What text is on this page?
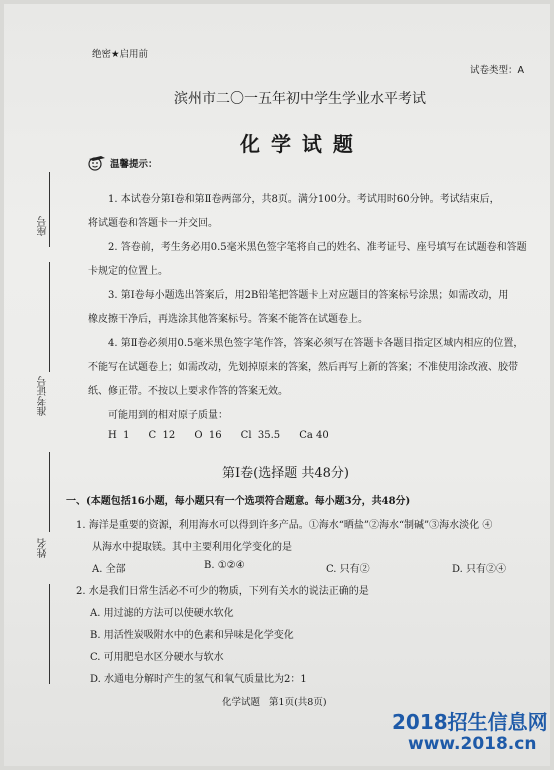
座号
准考证号
姓名
绝密★启用前
试卷类型：A
滨州市二〇一五年初中学生学业水平考试
化 学 试 题
温馨提示：
1. 本试卷分第Ⅰ卷和第Ⅱ卷两部分，共8页。满分100分。考试用时60分钟。考试结束后，
将试题卷和答题卡一并交回。
2. 答卷前，考生务必用0.5毫米黑色签字笔将自己的姓名、准考证号、座号填写在试题卷和答题
卡规定的位置上。
3. 第Ⅰ卷每小题选出答案后，用2B铅笔把答题卡上对应题目的答案标号涂黑；如需改动，用
橡皮擦干净后，再选涂其他答案标号。答案不能答在试题卷上。
4. 第Ⅱ卷必须用0.5毫米黑色签字笔作答，答案必须写在答题卡各题目指定区域内相应的位置，
不能写在试题卷上；如需改动，先划掉原来的答案，然后再写上新的答案；不准使用涂改液、胶带
纸、修正带。不按以上要求作答的答案无效。
可能用到的相对原子质量：
H  1      C  12      O  16      Cl  35.5      Ca 40
第Ⅰ卷(选择题 共48分)
一、(本题包括16小题，每小题只有一个选项符合题意。每小题3分，共48分)
1. 海洋是重要的资源，利用海水可以得到许多产品。①海水“晒盐”②海水“制碱”③海水淡化 ④
从海水中提取镁。其中主要利用化学变化的是
A. 全部	B. ①②④	C. 只有②	D. 只有②④
2. 水是我们日常生活必不可少的物质，下列有关水的说法正确的是
A. 用过滤的方法可以使硬水软化
B. 用活性炭吸附水中的色素和异味是化学变化
C. 可用肥皂水区分硬水与软水
D. 水通电分解时产生的氢气和氧气质量比为2：1
化学试题   第1页(共8页)
2018招生信息网
www.2018.cn
